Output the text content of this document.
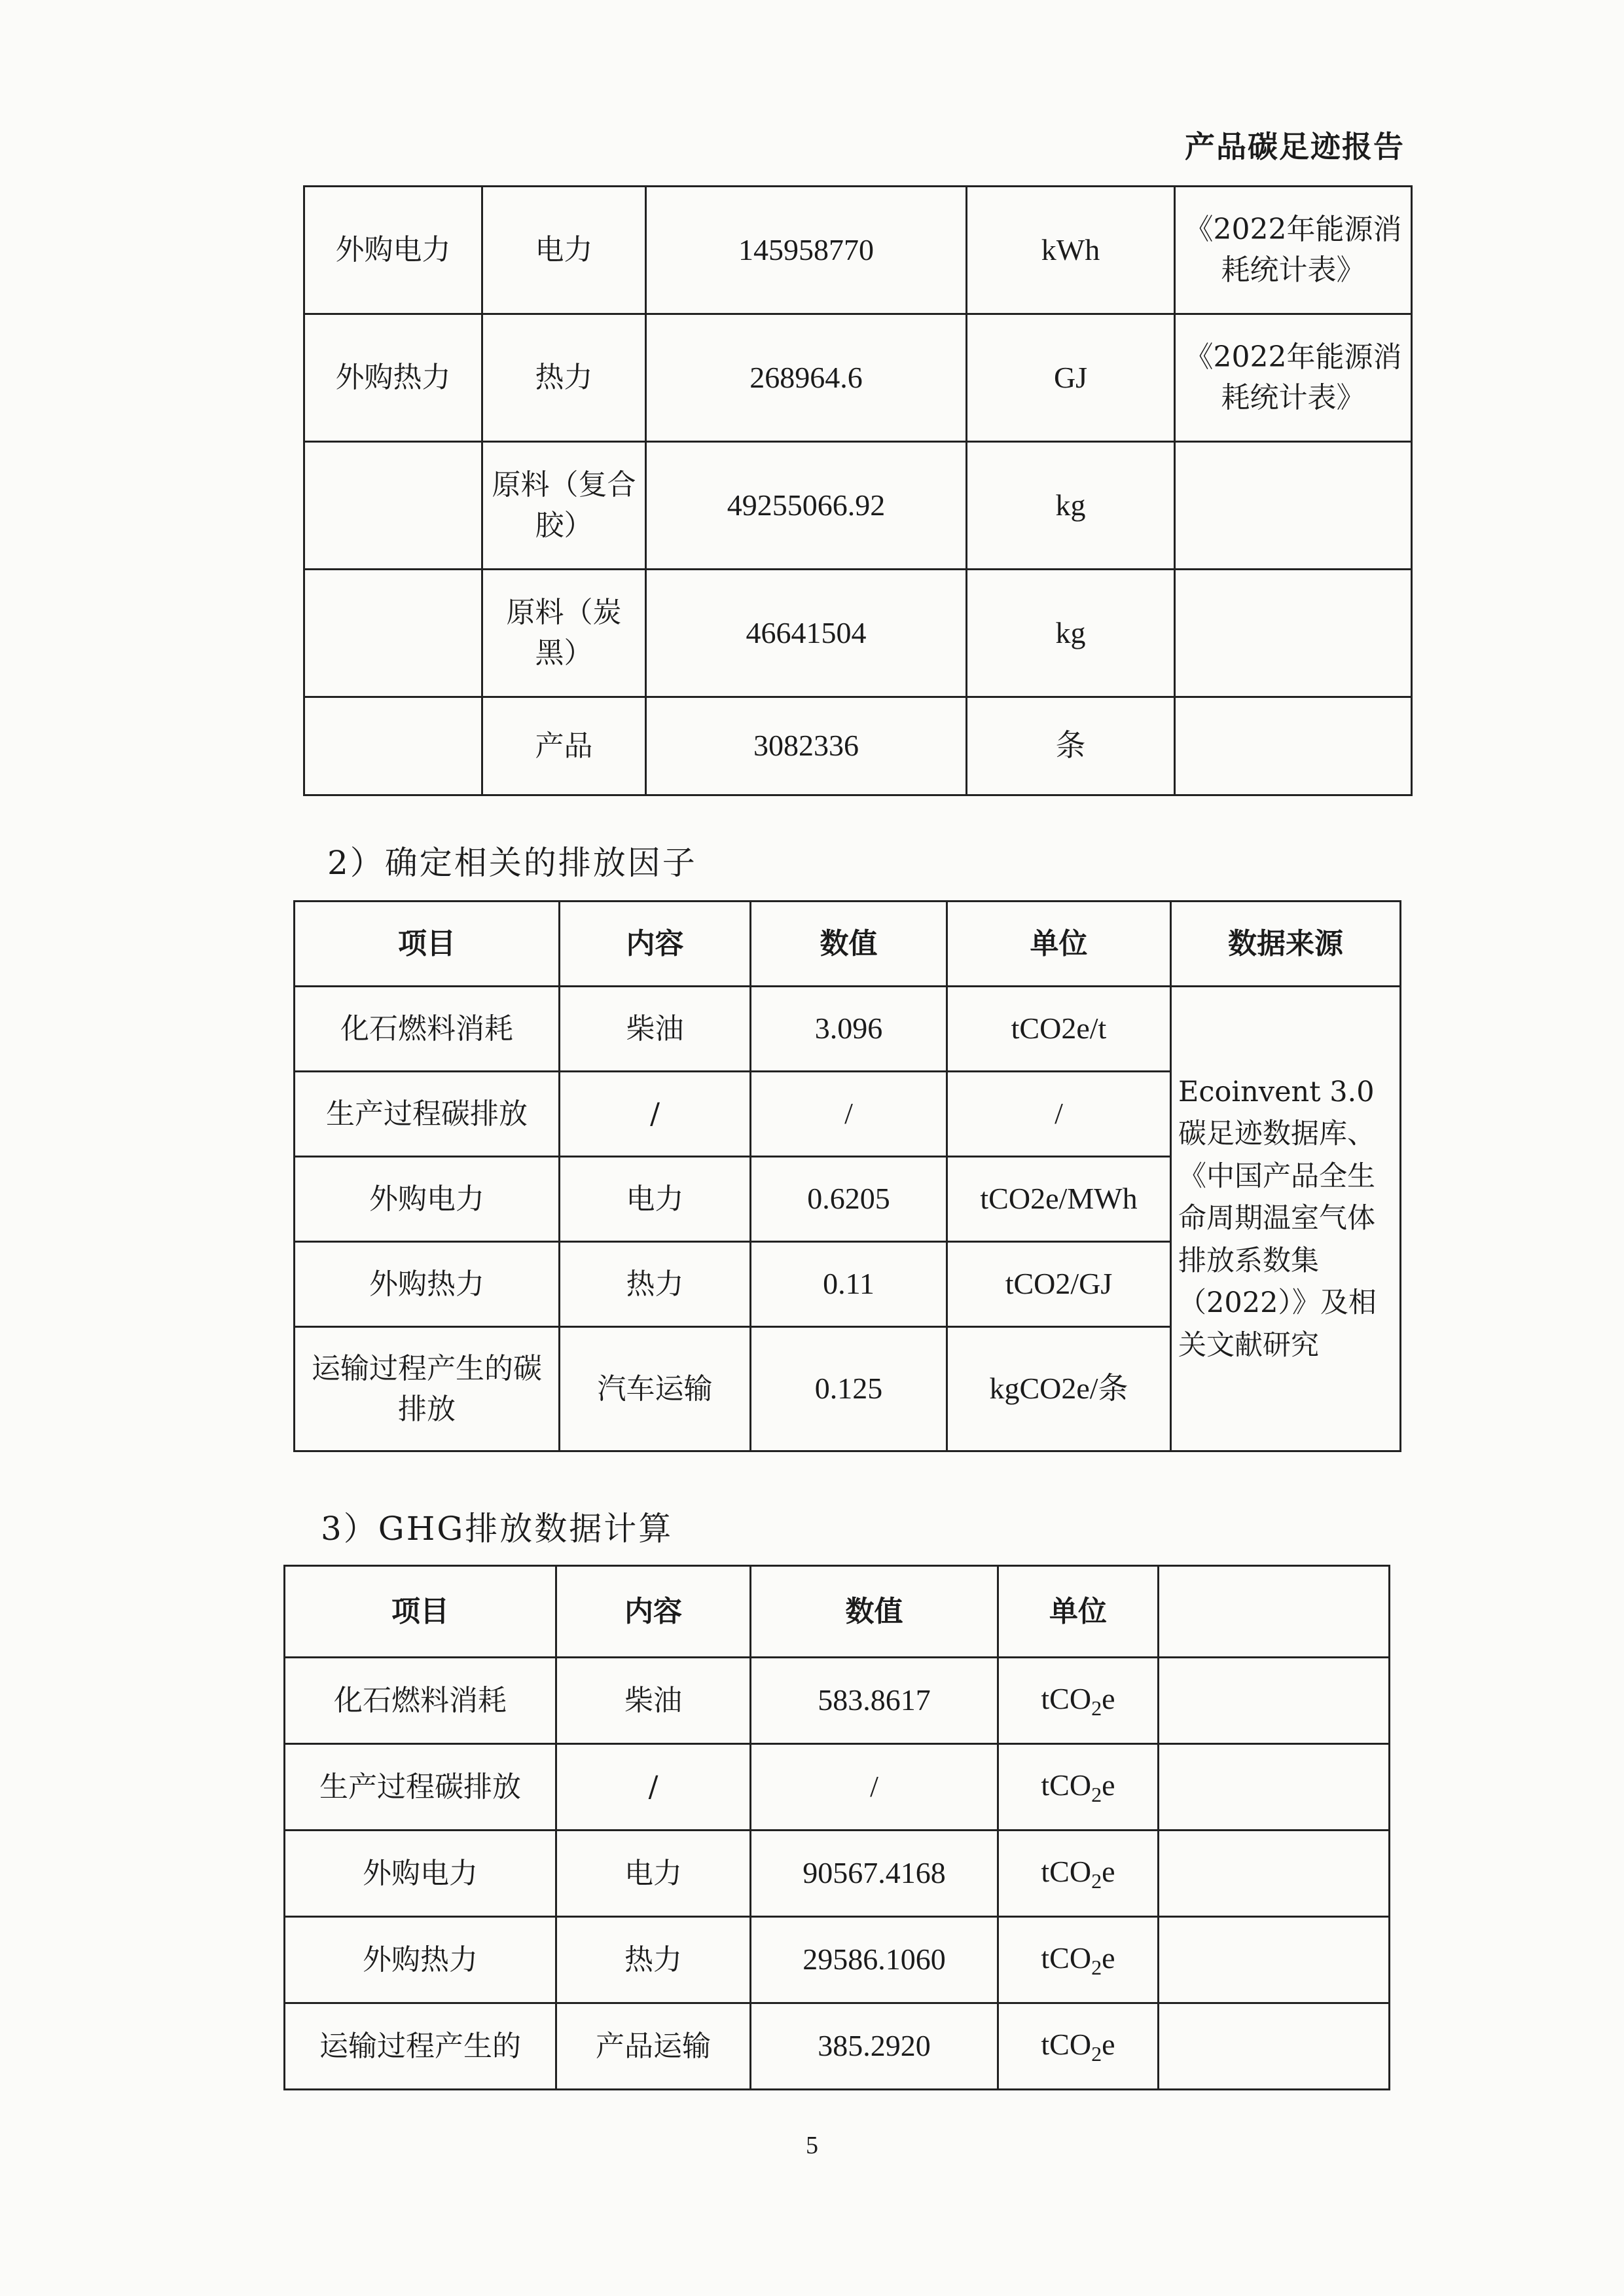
产品碳足迹报告
外购电力	电力	145958770	kWh	《2022年能源消耗统计表》
外购热力	热力	268964.6	GJ	《2022年能源消耗统计表》
	原料（复合胶）	49255066.92	kg	
	原料（炭黑）	46641504	kg	
	产品	3082336	条	
2）确定相关的排放因子
项目	内容	数值	单位	数据来源
化石燃料消耗	柴油	3.096	tCO2e/t	Ecoinvent 3.0 碳足迹数据库、《中国产品全生命周期温室气体排放系数集（2022）》及相关文献研究
生产过程碳排放	/	/	/	
外购电力	电力	0.6205	tCO2e/MWh	
外购热力	热力	0.11	tCO2/GJ	
运输过程产生的碳排放	汽车运输	0.125	kgCO2e/条	
3）GHG排放数据计算
项目	内容	数值	单位	
化石燃料消耗	柴油	583.8617	tCO$_2$e	
生产过程碳排放	/	/	tCO$_2$e	
外购电力	电力	90567.4168	tCO$_2$e	
外购热力	热力	29586.1060	tCO$_2$e	
运输过程产生的	产品运输	385.2920	tCO$_2$e	
5
